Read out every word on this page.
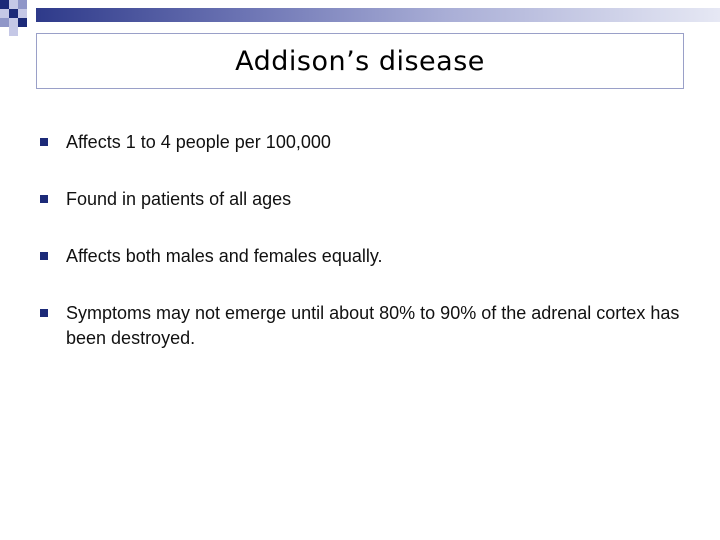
Addison’s disease
Affects 1 to 4 people per 100,000
Found in patients of all ages
Affects both males and females equally.
Symptoms may not emerge until about 80% to 90% of the adrenal cortex has been destroyed.
